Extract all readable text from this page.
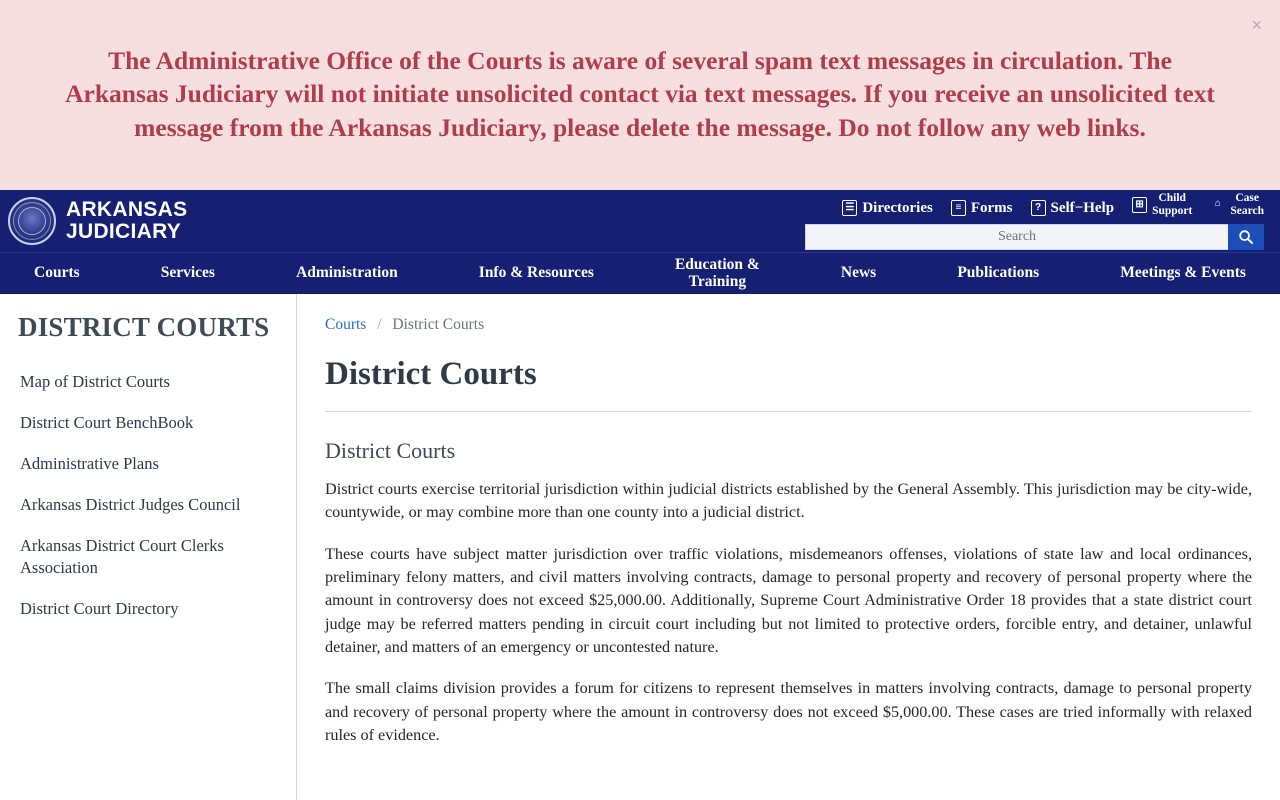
The Administrative Office of the Courts is aware of several spam text messages in circulation. The Arkansas Judiciary will not initiate unsolicited contact via text messages. If you receive an unsolicited text message from the Arkansas Judiciary, please delete the message. Do not follow any web links.
×
ARKANSAS
JUDICIARY
☰ Directories	≡ Forms	? Self−Help	⊞	Child
Support
⌂	Case
Search
Search
Courts	Services	Administration	Info & Resources	Education &
Training	News	Publications	Meetings & Events
DISTRICT COURTS
Map of District Courts
District Court BenchBook
Administrative Plans
Arkansas District Judges Council
Arkansas District Court Clerks Association
District Court Directory
Courts / District Courts
District Courts
District Courts

District courts exercise territorial jurisdiction within judicial districts established by the General Assembly. This jurisdiction may be city-wide, countywide, or may combine more than one county into a judicial district.

These courts have subject matter jurisdiction over traffic violations, misdemeanors offenses, violations of state law and local ordinances, preliminary felony matters, and civil matters involving contracts, damage to personal property and recovery of personal property where the amount in controversy does not exceed $25,000.00. Additionally, Supreme Court Administrative Order 18 provides that a state district court judge may be referred matters pending in circuit court including but not limited to protective orders, forcible entry, and detainer, unlawful detainer, and matters of an emergency or uncontested nature.

The small claims division provides a forum for citizens to represent themselves in matters involving contracts, damage to personal property and recovery of personal property where the amount in controversy does not exceed $5,000.00. These cases are tried informally with relaxed rules of evidence.
